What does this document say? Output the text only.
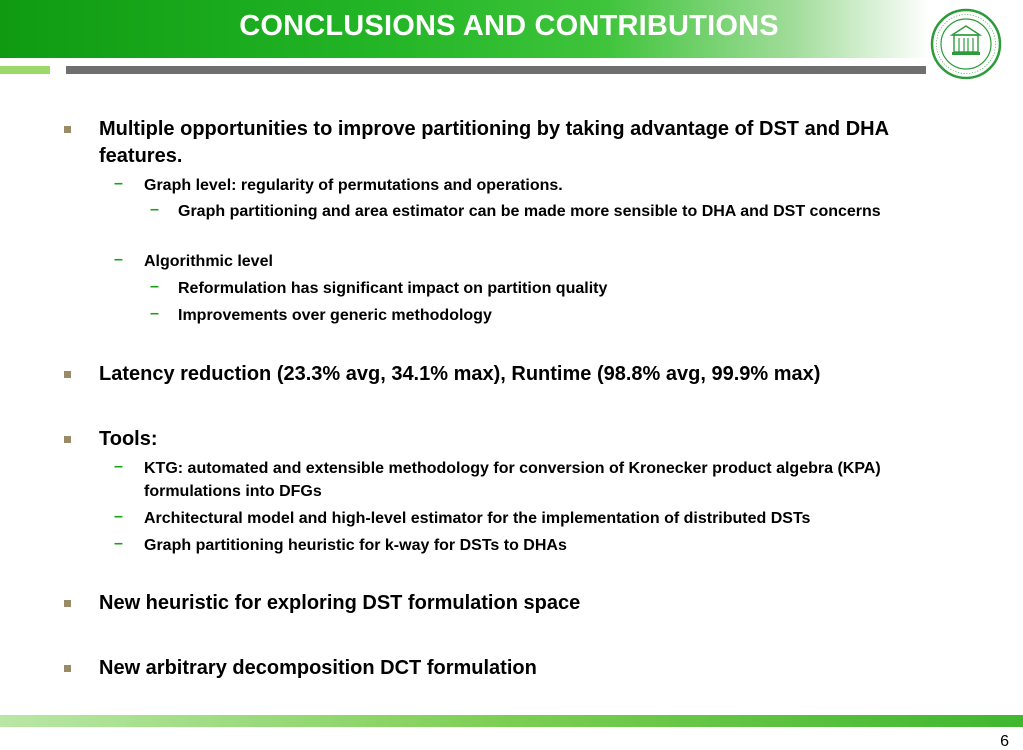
CONCLUSIONS AND CONTRIBUTIONS
Multiple opportunities to improve partitioning by taking advantage of DST and DHA features.
– Graph level: regularity of permutations and operations.
– Graph partitioning and area estimator can be made more sensible to DHA and DST concerns
– Algorithmic level
– Reformulation has significant impact on partition quality
– Improvements over generic methodology
Latency reduction (23.3% avg, 34.1% max), Runtime (98.8% avg, 99.9% max)
Tools:
– KTG: automated and extensible methodology for conversion of Kronecker product algebra (KPA) formulations into DFGs
– Architectural model and high-level estimator for the implementation of distributed DSTs
– Graph partitioning heuristic for k-way for DSTs to DHAs
New heuristic for exploring DST formulation space
New arbitrary decomposition DCT formulation
6
